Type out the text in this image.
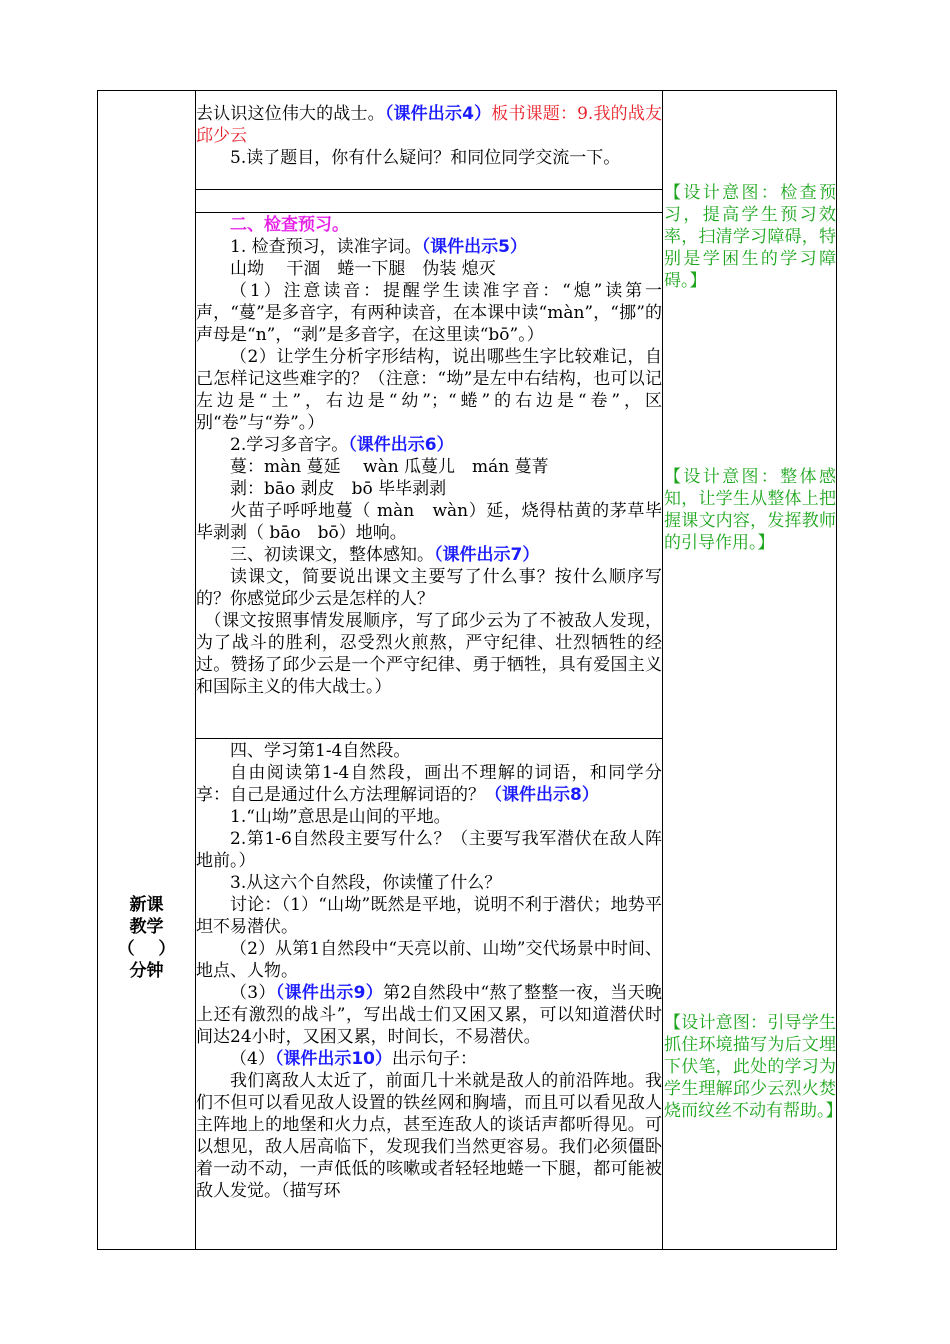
新课
教学
（    ）
分钟

去认识这位伟大的战士。（课件出示4）板书课题：9.我的战友邱少云

5.读了题目，你有什么疑问？和同位同学交流一下。

二、检查预习。

1. 检查预习，读准字词。（课件出示5）

山坳　 干涸　蜷一下腿　伪装 熄灭

（1）注意读音：提醒学生读准字音：“熄”读第一声，“蔓”是多音字，有两种读音，在本课中读“màn”，“挪”的声母是“n”，“剥”是多音字，在这里读“bō”。）

（2）让学生分析字形结构，说出哪些生字比较难记，自己怎样记这些难字的？（注意：“坳”是左中右结构，也可以记左边是“土”，右边是“幼”；“蜷”的右边是“卷”，区别“卷”与“券”。）

2.学习多音字。（课件出示6）

蔓：màn 蔓延　 wàn 瓜蔓儿　mán 蔓菁

剥：bāo 剥皮　bō 毕毕剥剥

火苗子呼呼地蔓（ màn　wàn）延，烧得枯黄的茅草毕毕剥剥（ bāo　bō）地响。

三、初读课文，整体感知。（课件出示7）

读课文，简要说出课文主要写了什么事？按什么顺序写的？你感觉邱少云是怎样的人？

（课文按照事情发展顺序，写了邱少云为了不被敌人发现，为了战斗的胜利，忍受烈火煎熬，严守纪律、壮烈牺牲的经过。赞扬了邱少云是一个严守纪律、勇于牺牲，具有爱国主义和国际主义的伟大战士。）

四、学习第1-4自然段。

自由阅读第1-4自然段，画出不理解的词语，和同学分享：自己是通过什么方法理解词语的？（课件出示8）

1.“山坳”意思是山间的平地。

2.第1-6自然段主要写什么？（主要写我军潜伏在敌人阵地前。）

3.从这六个自然段，你读懂了什么？

讨论：（1）“山坳”既然是平地，说明不利于潜伏；地势平坦不易潜伏。

（2）从第1自然段中“天亮以前、山坳”交代场景中时间、地点、人物。

（3）（课件出示9）第2自然段中“熬了整整一夜，当天晚上还有激烈的战斗”，写出战士们又困又累，可以知道潜伏时间达24小时，又困又累，时间长，不易潜伏。

（4）（课件出示10）出示句子：

我们离敌人太近了，前面几十米就是敌人的前沿阵地。我们不但可以看见敌人设置的铁丝网和胸墙，而且可以看见敌人主阵地上的地堡和火力点，甚至连敌人的谈话声都听得见。可以想见，敌人居高临下，发现我们当然更容易。我们必须僵卧着一动不动，一声低低的咳嗽或者轻轻地蜷一下腿，都可能被敌人发觉。（描写环

【设计意图：检查预习，提高学生预习效率，扫清学习障碍，特别是学困生的学习障碍。】
【设计意图：整体感知，让学生从整体上把握课文内容，发挥教师的引导作用。】
【设计意图：引导学生抓住环境描写为后文埋下伏笔，此处的学习为学生理解邱少云烈火焚烧而纹丝不动有帮助。】
